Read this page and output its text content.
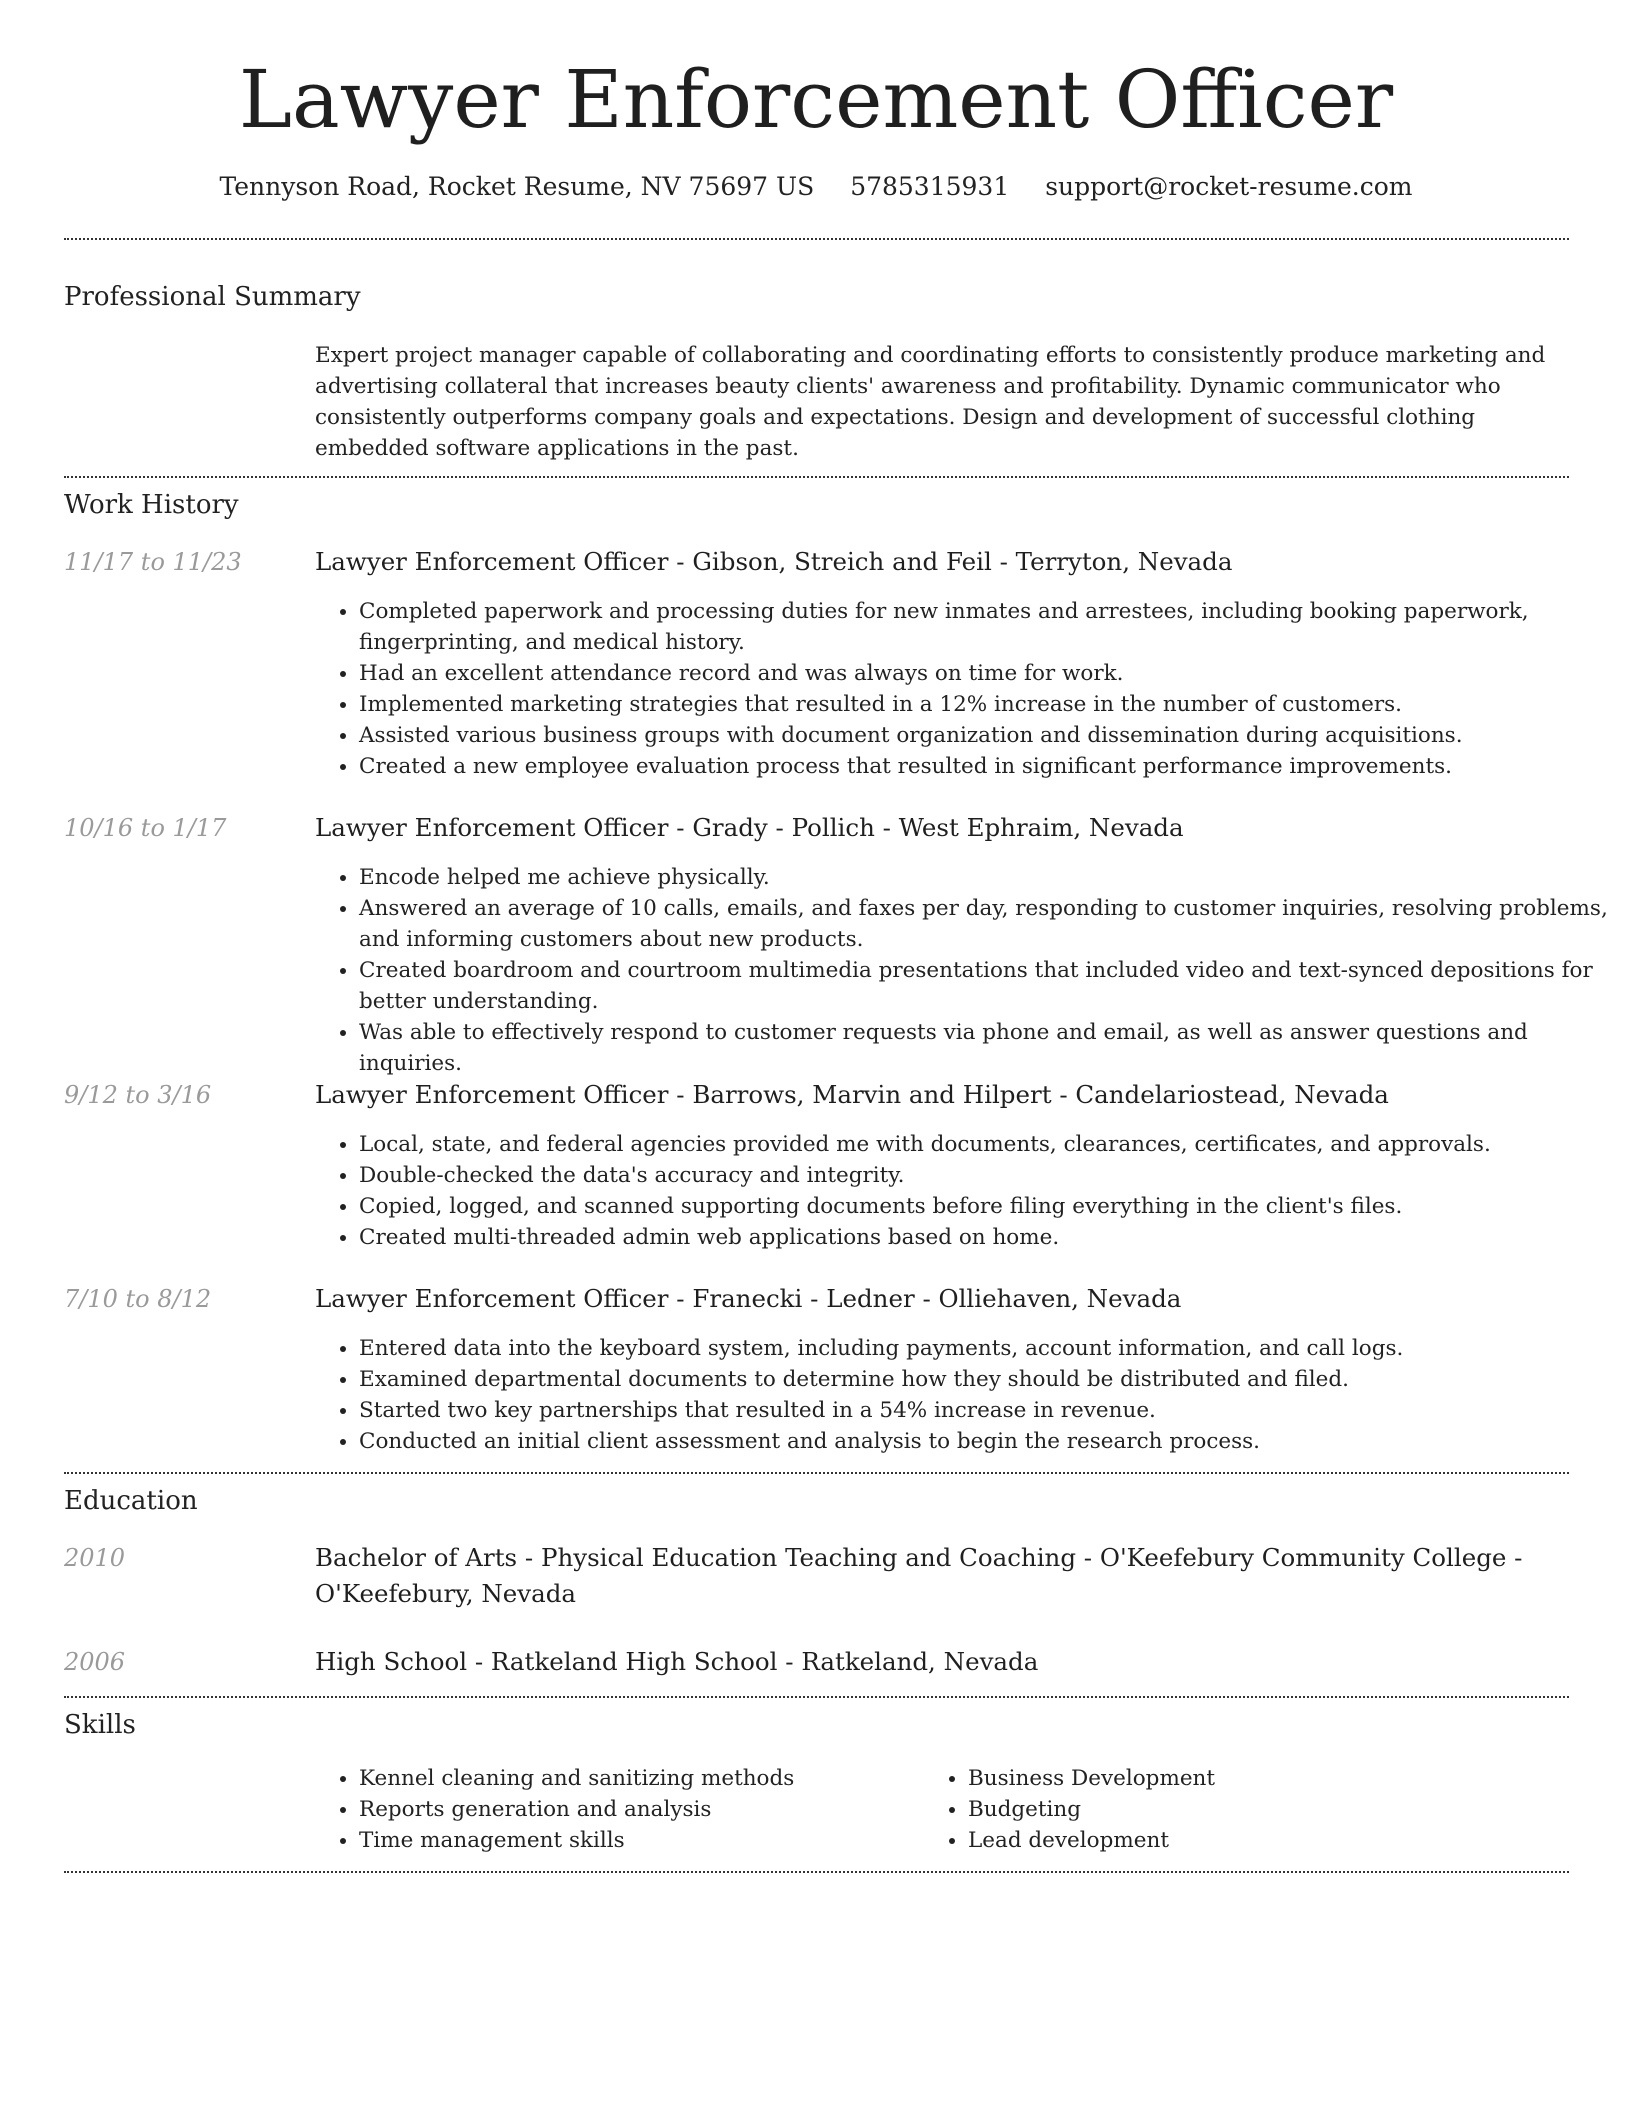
Lawyer Enforcement Officer
Tennyson Road, Rocket Resume, NV 75697 US 5785315931 support@rocket-resume.com
Professional Summary
Expert project manager capable of collaborating and coordinating efforts to consistently produce marketing and advertising collateral that increases beauty clients' awareness and profitability. Dynamic communicator who consistently outperforms company goals and expectations. Design and development of successful clothing embedded software applications in the past.
Work History
11/17 to 11/23	Lawyer Enforcement Officer - Gibson, Streich and Feil - Terryton, Nevada
• Completed paperwork and processing duties for new inmates and arrestees, including booking paperwork, fingerprinting, and medical history.
• Had an excellent attendance record and was always on time for work.
• Implemented marketing strategies that resulted in a 12% increase in the number of customers.
• Assisted various business groups with document organization and dissemination during acquisitions.
• Created a new employee evaluation process that resulted in significant performance improvements.
10/16 to 1/17	Lawyer Enforcement Officer - Grady - Pollich - West Ephraim, Nevada
• Encode helped me achieve physically.
• Answered an average of 10 calls, emails, and faxes per day, responding to customer inquiries, resolving problems, and informing customers about new products.
• Created boardroom and courtroom multimedia presentations that included video and text-synced depositions for better understanding.
• Was able to effectively respond to customer requests via phone and email, as well as answer questions and inquiries.
9/12 to 3/16	Lawyer Enforcement Officer - Barrows, Marvin and Hilpert - Candelariostead, Nevada
• Local, state, and federal agencies provided me with documents, clearances, certificates, and approvals.
• Double-checked the data's accuracy and integrity.
• Copied, logged, and scanned supporting documents before filing everything in the client's files.
• Created multi-threaded admin web applications based on home.
7/10 to 8/12	Lawyer Enforcement Officer - Franecki - Ledner - Olliehaven, Nevada
• Entered data into the keyboard system, including payments, account information, and call logs.
• Examined departmental documents to determine how they should be distributed and filed.
• Started two key partnerships that resulted in a 54% increase in revenue.
• Conducted an initial client assessment and analysis to begin the research process.
Education
2010	Bachelor of Arts - Physical Education Teaching and Coaching - O'Keefebury Community College - O'Keefebury, Nevada
2006	High School - Ratkeland High School - Ratkeland, Nevada
Skills
• Kennel cleaning and sanitizing methods
• Reports generation and analysis
• Time management skills
• Business Development
• Budgeting
• Lead development
